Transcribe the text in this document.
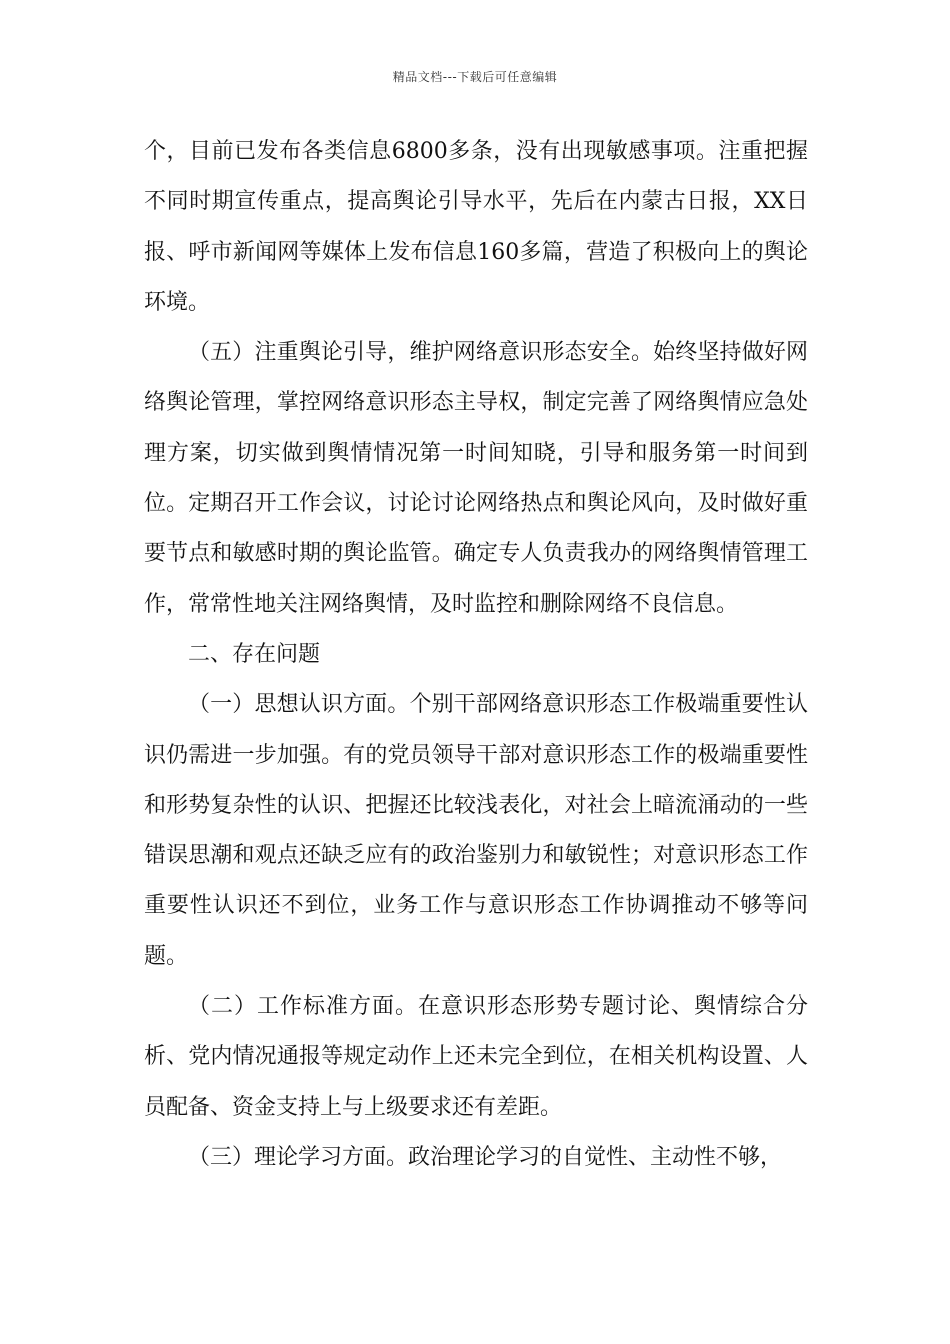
精品文档---下载后可任意编辑

个，目前已发布各类信息6800多条，没有出现敏感事项。注重把握不同时期宣传重点，提高舆论引导水平，先后在内蒙古日报，XX日报、呼市新闻网等媒体上发布信息160多篇，营造了积极向上的舆论环境。

（五）注重舆论引导，维护网络意识形态安全。始终坚持做好网络舆论管理，掌控网络意识形态主导权，制定完善了网络舆情应急处理方案，切实做到舆情情况第一时间知晓，引导和服务第一时间到位。定期召开工作会议，讨论讨论网络热点和舆论风向，及时做好重要节点和敏感时期的舆论监管。确定专人负责我办的网络舆情管理工作，常常性地关注网络舆情，及时监控和删除网络不良信息。

二、存在问题

（一）思想认识方面。个别干部网络意识形态工作极端重要性认识仍需进一步加强。有的党员领导干部对意识形态工作的极端重要性和形势复杂性的认识、把握还比较浅表化，对社会上暗流涌动的一些错误思潮和观点还缺乏应有的政治鉴别力和敏锐性；对意识形态工作重要性认识还不到位，业务工作与意识形态工作协调推动不够等问题。

（二）工作标准方面。在意识形态形势专题讨论、舆情综合分析、党内情况通报等规定动作上还未完全到位，在相关机构设置、人员配备、资金支持上与上级要求还有差距。

（三）理论学习方面。政治理论学习的自觉性、主动性不够，
